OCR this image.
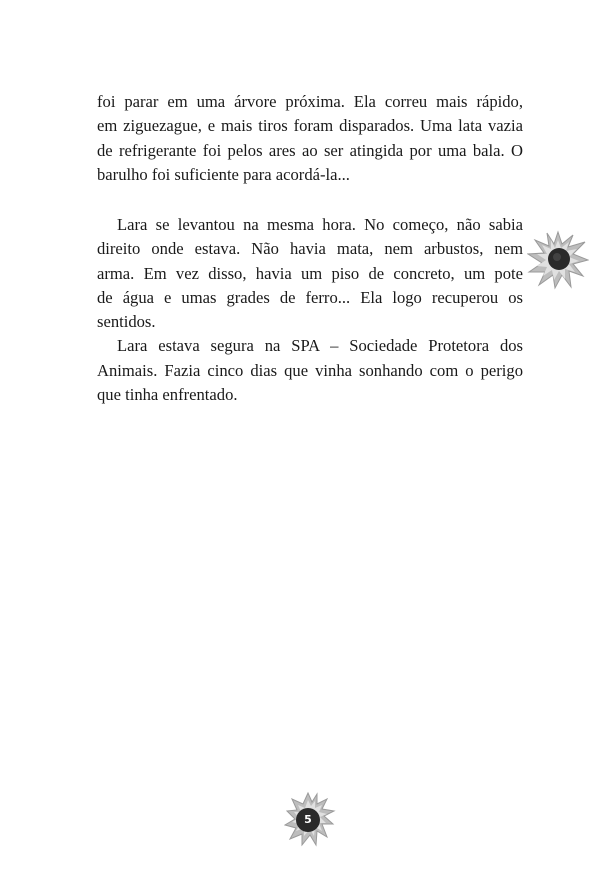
foi parar em uma árvore próxima. Ela correu mais rápido,
em ziguezague, e mais tiros foram disparados. Uma lata vazia
de refrigerante foi pelos ares ao ser atingida por uma bala. O
barulho foi suficiente para acordá-la...

Lara se levantou na mesma hora. No começo, não sabia
direito onde estava. Não havia mata, nem arbustos, nem
arma. Em vez disso, havia um piso de concreto, um pote
de água e umas grades de ferro... Ela logo recuperou os
sentidos.

Lara estava segura na SPA – Sociedade Protetora dos
Animais. Fazia cinco dias que vinha sonhando com o perigo
que tinha enfrentado.

5
